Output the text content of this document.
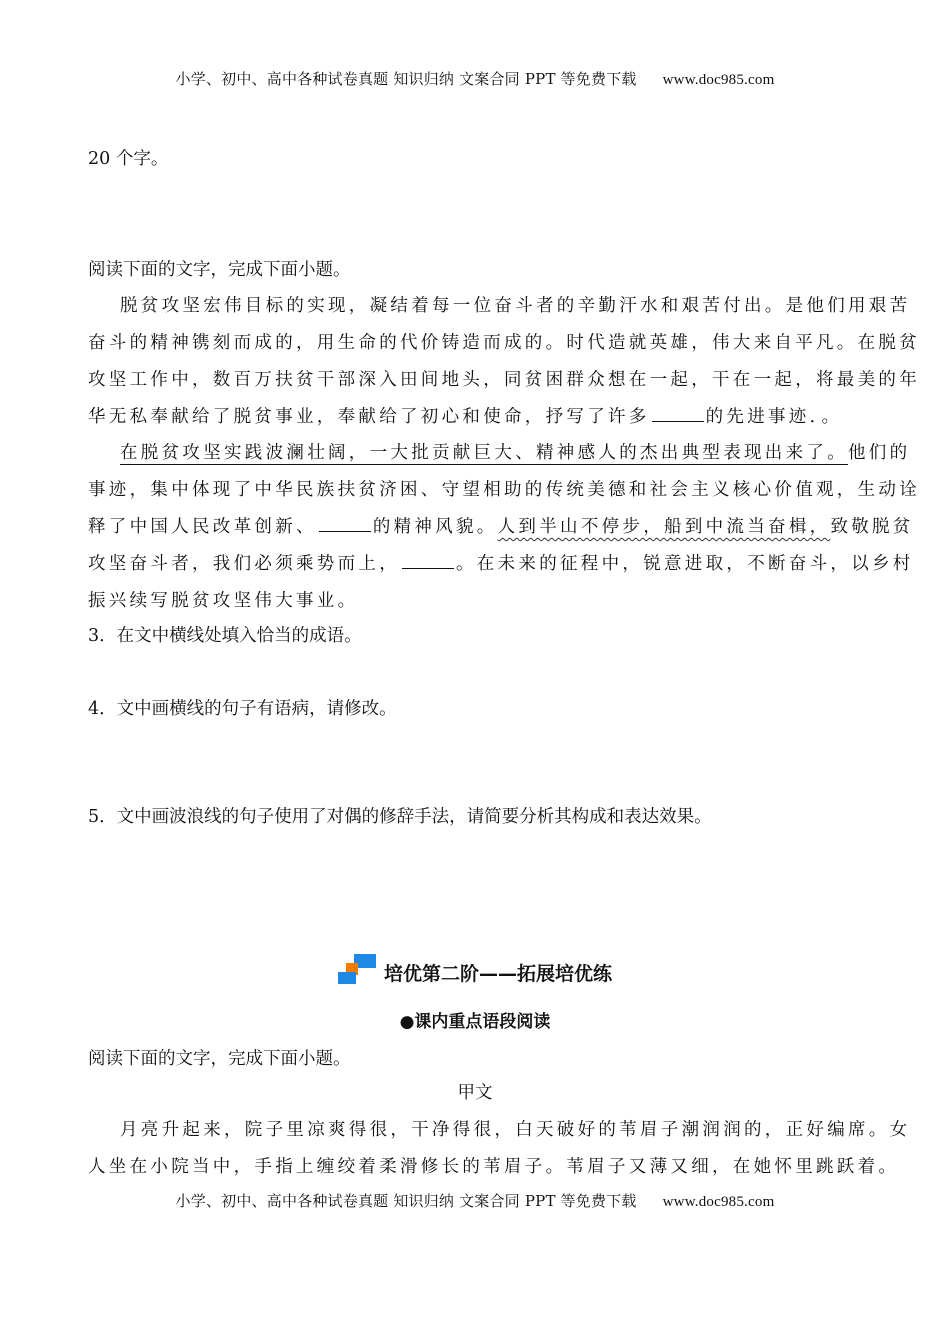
小学、初中、高中各种试卷真题 知识归纳 文案合同 PPT 等免费下载 www.doc985.com
20 个字。
阅读下面的文字，完成下面小题。
脱贫攻坚宏伟目标的实现，凝结着每一位奋斗者的辛勤汗水和艰苦付出。是他们用艰苦
奋斗的精神镌刻而成的，用生命的代价铸造而成的。时代造就英雄，伟大来自平凡。在脱贫
攻坚工作中，数百万扶贫干部深入田间地头，同贫困群众想在一起，干在一起，将最美的年
华无私奉献给了脱贫事业，奉献给了初心和使命，抒写了许多	的先进事迹．。
在脱贫攻坚实践波澜壮阔，一大批贡献巨大、精神感人的杰出典型表现出来了。他们的
事迹，集中体现了中华民族扶贫济困、守望相助的传统美德和社会主义核心价值观，生动诠
释了中国人民改革创新、	的精神风貌。人到半山不停步，船到中流当奋楫，致敬脱贫
攻坚奋斗者，我们必须乘势而上，	。在未来的征程中，锐意进取，不断奋斗，以乡村
振兴续写脱贫攻坚伟大事业。
3．在文中横线处填入恰当的成语。
4．文中画横线的句子有语病，请修改。
5．文中画波浪线的句子使用了对偶的修辞手法，请简要分析其构成和表达效果。
培优第二阶——拓展培优练
●课内重点语段阅读
阅读下面的文字，完成下面小题。
甲文
月亮升起来，院子里凉爽得很，干净得很，白天破好的苇眉子潮润润的，正好编席。女
人坐在小院当中，手指上缠绞着柔滑修长的苇眉子。苇眉子又薄又细，在她怀里跳跃着。
小学、初中、高中各种试卷真题 知识归纳 文案合同 PPT 等免费下载 www.doc985.com
